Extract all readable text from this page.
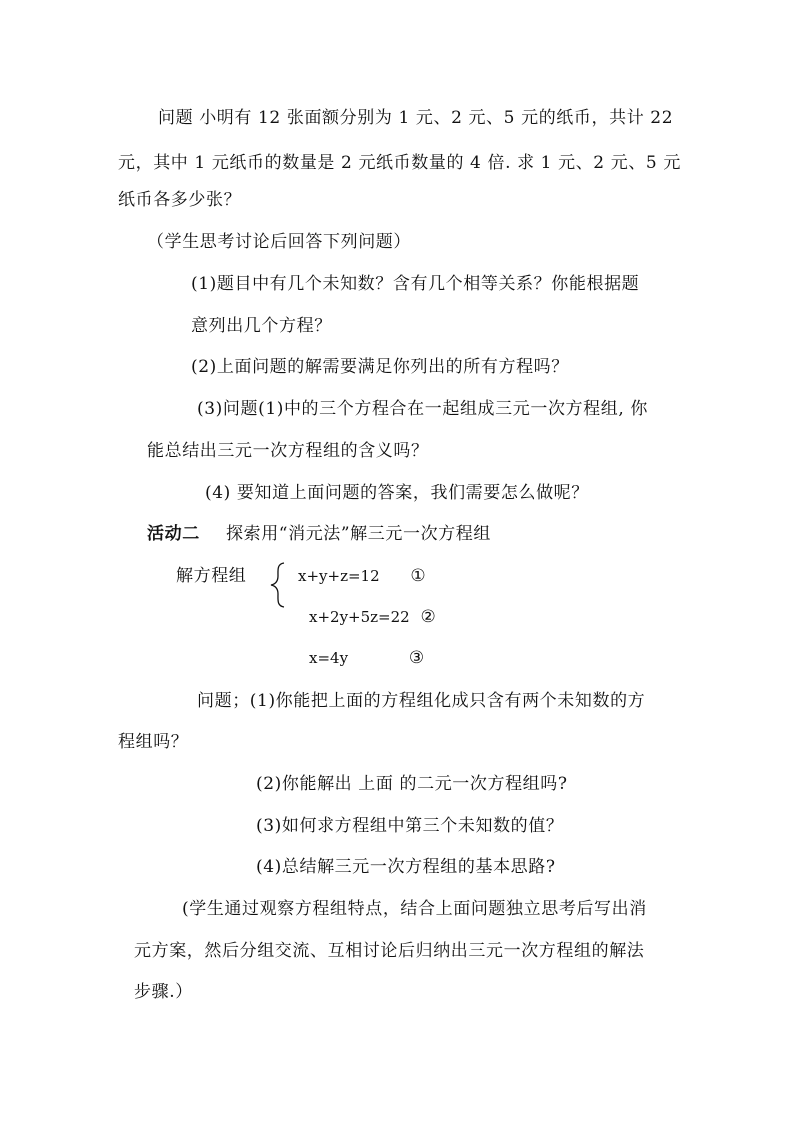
问题 小明有 12 张面额分别为 1 元、2 元、5 元的纸币，共计 22
元，其中 1 元纸币的数量是 2 元纸币数量的 4 倍. 求 1 元、2 元、5 元
纸币各多少张？
（学生思考讨论后回答下列问题）
(1)题目中有几个未知数？含有几个相等关系？你能根据题
意列出几个方程？
(2)上面问题的解需要满足你列出的所有方程吗？
(3)问题(1)中的三个方程合在一起组成三元一次方程组, 你
能总结出三元一次方程组的含义吗？
(4) 要知道上面问题的答案，我们需要怎么做呢？
活动二 探索用“消元法”解三元一次方程组
解方程组	x+y+z=12 ①
x+2y+5z=22 ②
x=4y	③
问题；(1)你能把上面的方程组化成只含有两个未知数的方
程组吗？
(2)你能解出 上面 的二元一次方程组吗?
(3)如何求方程组中第三个未知数的值？
(4)总结解三元一次方程组的基本思路?
(学生通过观察方程组特点，结合上面问题独立思考后写出消
元方案，然后分组交流、互相讨论后归纳出三元一次方程组的解法
步骤.）
